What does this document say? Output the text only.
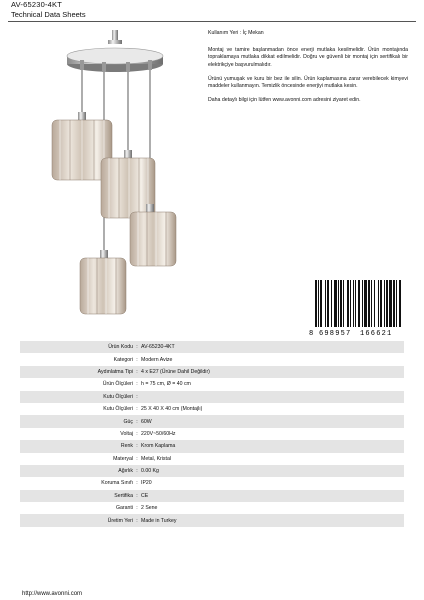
AV-65230-4KT
Technical Data Sheets

Kullanım Yeri : İç Mekan

Montaj ve tamire başlanmadan önce enerji mutlaka kesilmelidir. Ürün montajında topraklamaya mutlaka dikkat edilmelidir. Doğru ve güvenli bir montaj için sertifikalı bir elektrikçiye başvurulmalıdır.

Ürünü yumuşak ve kuru bir bez ile silin. Ürün kaplamasına zarar verebilecek kimyevi maddeler kullanmayın. Temizlik öncesinde enerjiyi mutlaka kesin.

Daha detaylı bilgi için lütfen www.avonni.com adresini ziyaret edin.

8 698957 166621
Ürün Kodu	:	AV-65230-4KT
Kategori	:	Modern Avize
Aydınlatma Tipi	:	4 x E27 (Ürüne Dahil Değildir)
Ürün Ölçüleri	:	h = 75 cm, Ø = 40 cm
Kutu Ölçüleri	:	
Kutu Ölçüleri	:	25 X 40 X 40 cm (Montajlı)
Güç	:	60W
Voltaj	:	220V~50/60Hz
Renk	:	Krom Kaplama
Materyal	:	Metal, Kristal
Ağırlık	:	0.00 Kg
Koruma Sınıfı	:	IP20
Sertifika	:	CE
Garanti	:	2 Sene
Üretim Yeri	:	Made in Turkey
http://www.avonni.com
